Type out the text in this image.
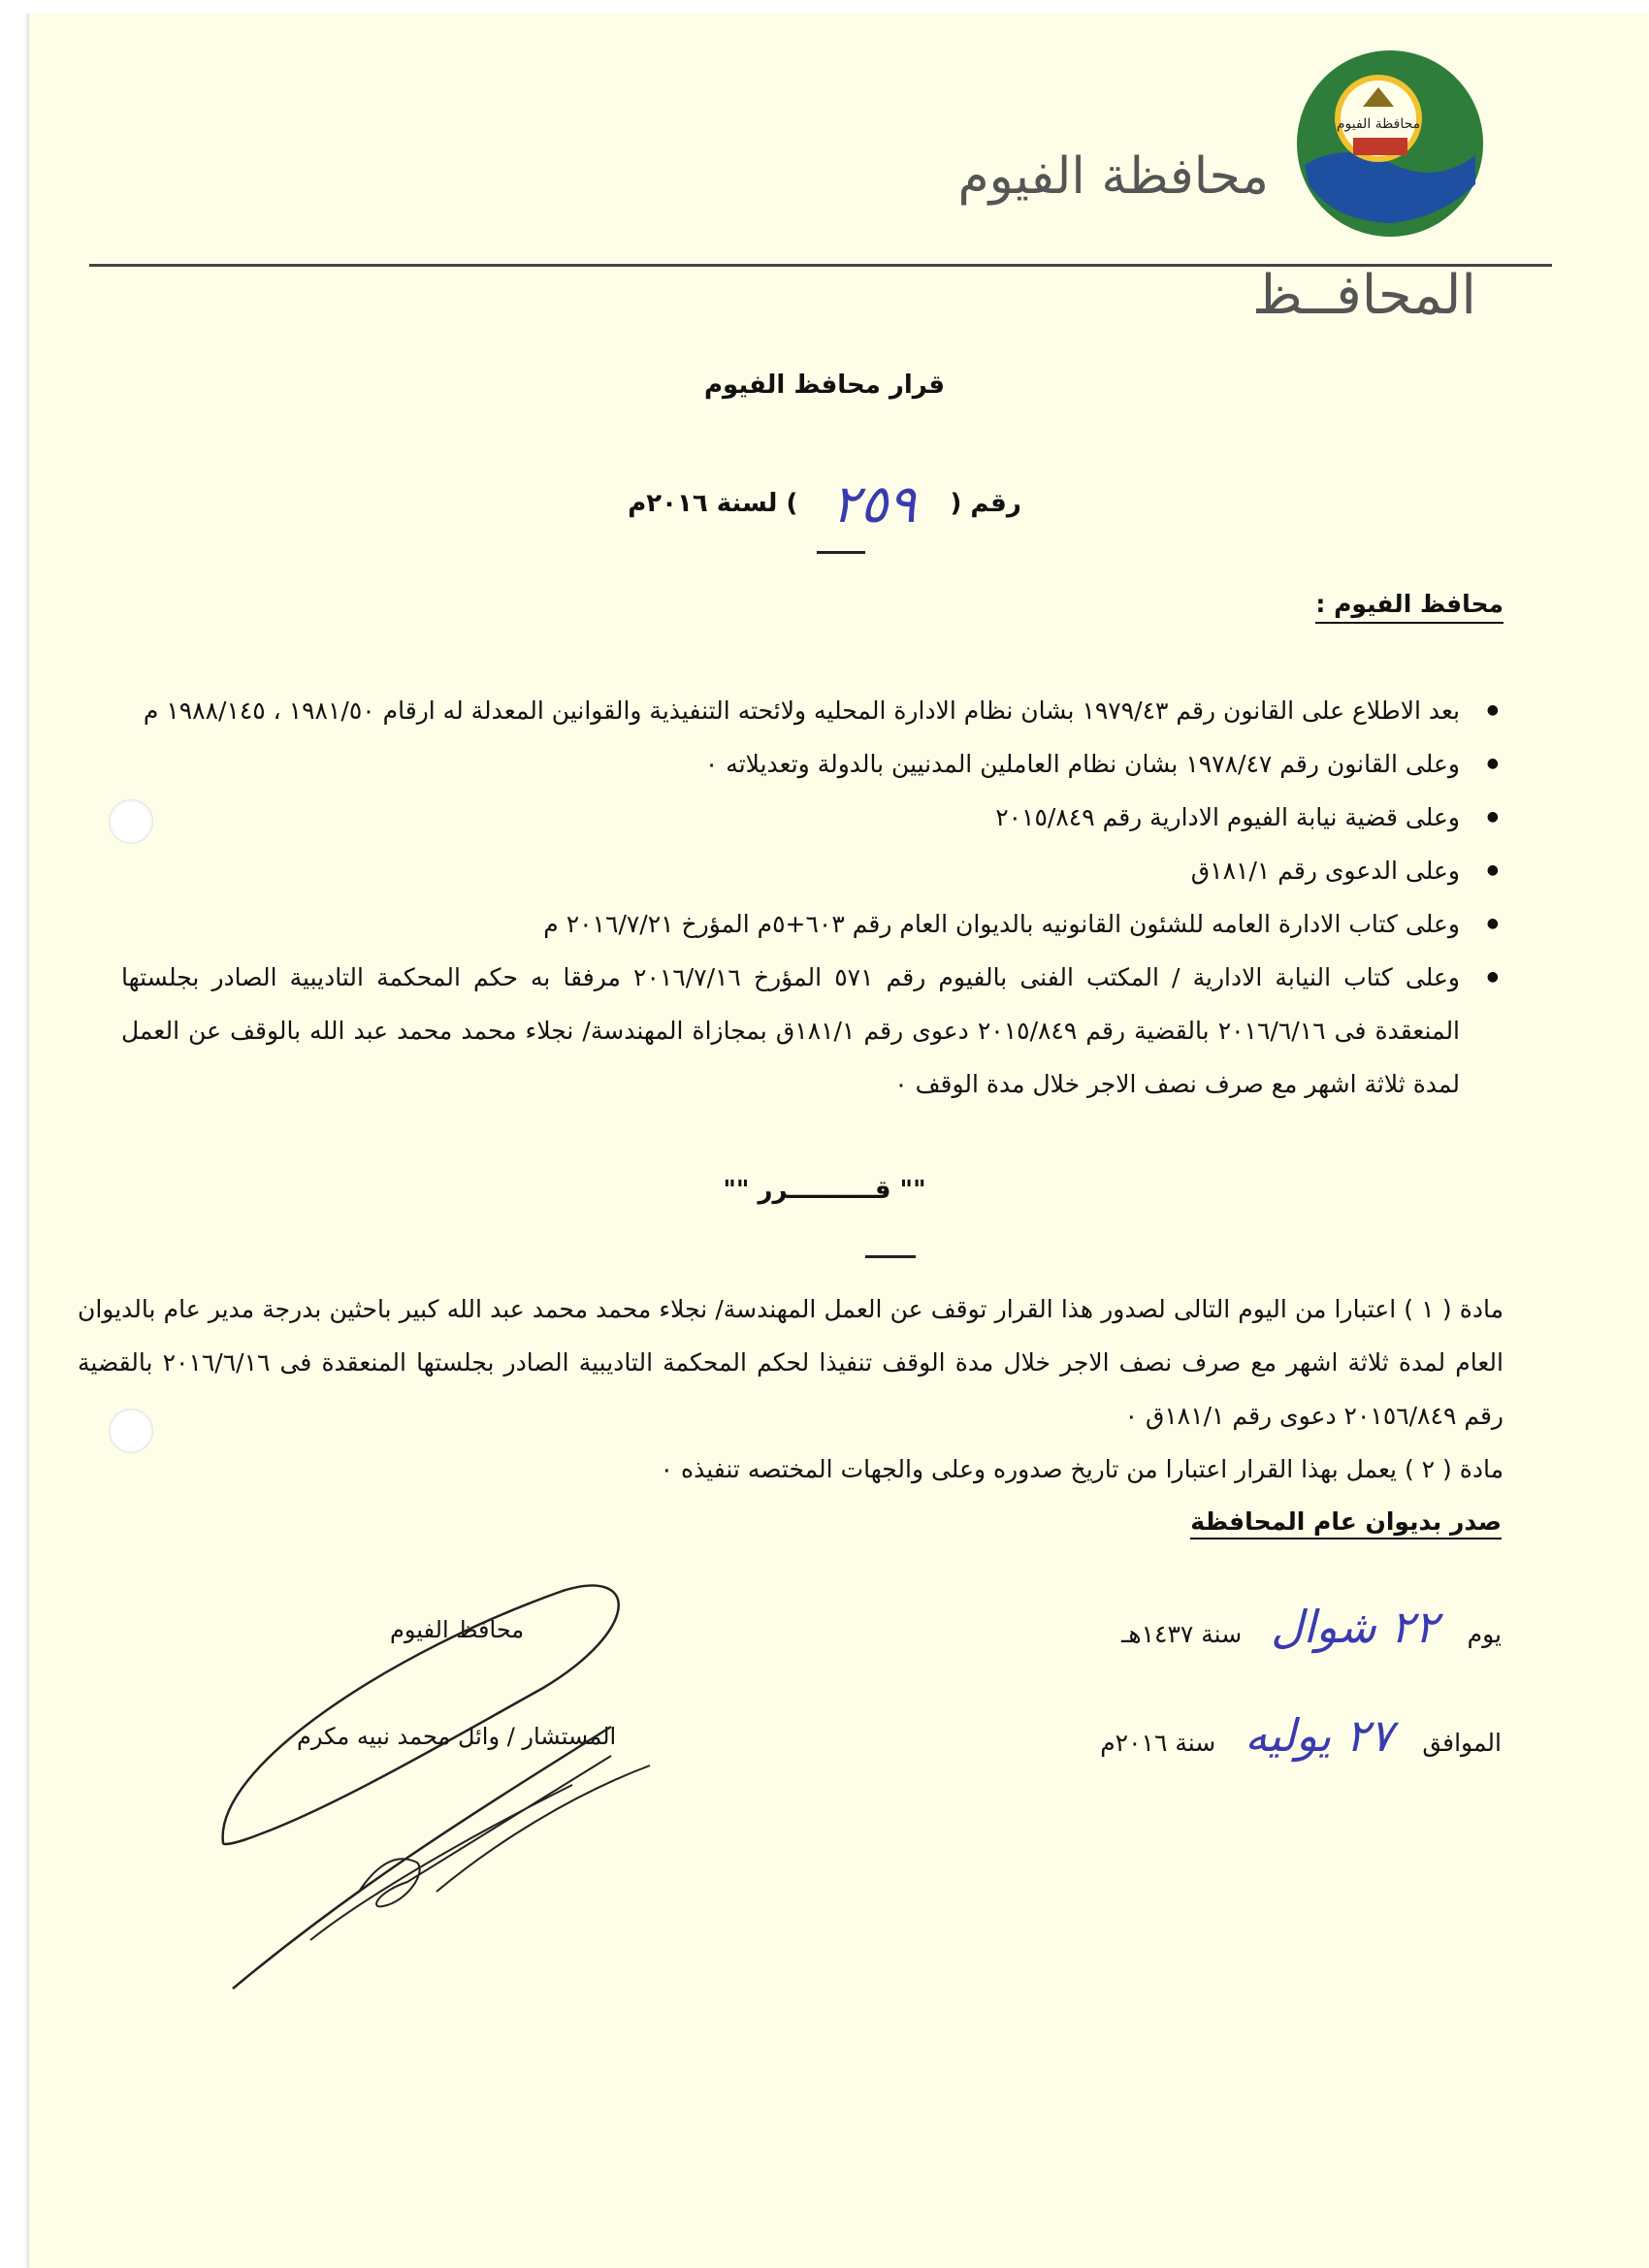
محافظة الفيوم
محافظة الفيوم
المحافــظ
قرار محافظ الفيوم
رقم ( ٢٥٩ ) لسنة ٢٠١٦م
محافظ الفيوم :
● بعد الاطلاع على القانون رقم ١٩٧٩/٤٣ بشان نظام الادارة المحليه ولائحته التنفيذية والقوانين المعدلة له ارقام ١٩٨١/٥٠ ، ١٩٨٨/١٤٥ م
● وعلى القانون رقم ١٩٧٨/٤٧ بشان نظام العاملين المدنيين بالدولة وتعديلاته ٠
● وعلى قضية نيابة الفيوم الادارية رقم ٢٠١٥/٨٤٩
● وعلى الدعوى رقم ١٨١/١ق
● وعلى كتاب الادارة العامه للشئون القانونيه بالديوان العام رقم ٦٠٣+٥م المؤرخ ٢٠١٦/٧/٢١ م
● وعلى كتاب النيابة الادارية / المكتب الفنى بالفيوم رقم ٥٧١ المؤرخ ٢٠١٦/٧/١٦ مرفقا به حكم المحكمة التاديبية الصادر بجلستها المنعقدة فى ٢٠١٦/٦/١٦ بالقضية رقم ٢٠١٥/٨٤٩ دعوى رقم ١٨١/١ق بمجازاة المهندسة/ نجلاء محمد محمد عبد الله بالوقف عن العمل لمدة ثلاثة اشهر مع صرف نصف الاجر خلال مدة الوقف ٠
"" قــــــــــرر ""

مادة ( ١ ) اعتبارا من اليوم التالى لصدور هذا القرار توقف عن العمل المهندسة/ نجلاء محمد محمد عبد الله كبير باحثين بدرجة مدير عام بالديوان العام لمدة ثلاثة اشهر مع صرف نصف الاجر خلال مدة الوقف تنفيذا لحكم المحكمة التاديبية الصادر بجلستها المنعقدة فى ٢٠١٦/٦/١٦ بالقضية رقم ٢٠١٥٦/٨٤٩ دعوى رقم ١٨١/١ق ٠

مادة ( ٢ ) يعمل بهذا القرار اعتبارا من تاريخ صدوره وعلى والجهات المختصه تنفيذه ٠

صدر بديوان عام المحافظة
يوم ٢٢ شوال سنة ١٤٣٧هـ
الموافق ٢٧ يوليه سنة ٢٠١٦م
محافظ الفيوم
المستشار / وائل محمد نبيه مكرم
